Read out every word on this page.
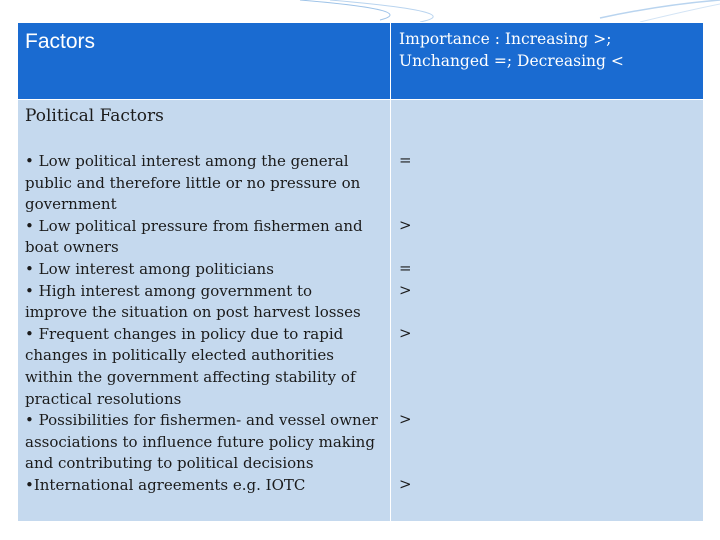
Factors	Importance : Increasing >;
Unchanged =; Decreasing <
Political Factors
• Low political interest among the general
public and therefore little or no pressure on
government
• Low political pressure from fishermen and
boat owners
• Low interest among politicians
• High interest among government to
improve the situation on post harvest losses
• Frequent changes in policy due to rapid
changes in politically elected authorities
within the government affecting stability of
practical resolutions
• Possibilities for fishermen- and vessel owner
associations to influence future policy making
and contributing to political decisions
•International agreements e.g. IOTC
=
>
=
>
>
>
>
